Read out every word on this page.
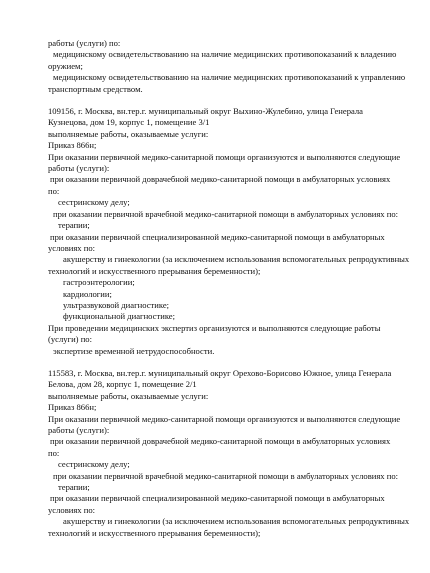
работы (услуги) по:
медицинскому освидетельствованию на наличие медицинских противопоказаний к владению
оружием;
медицинскому освидетельствованию на наличие медицинских противопоказаний к управлению
транспортным средством.
109156, г. Москва, вн.тер.г. муниципальный округ Выхино-Жулебино, улица Генерала
Кузнецова, дом 19, корпус 1, помещение 3/1
выполняемые работы, оказываемые услуги:
Приказ 866н;
При оказании первичной медико-санитарной помощи организуются и выполняются следующие
работы (услуги):
при оказании первичной доврачебной медико-санитарной помощи в амбулаторных условиях
по:
сестринскому делу;
при оказании первичной врачебной медико-санитарной помощи в амбулаторных условиях по:
терапии;
при оказании первичной специализированной медико-санитарной помощи в амбулаторных
условиях по:
акушерству и гинекологии (за исключением использования вспомогательных репродуктивных
технологий и искусственного прерывания беременности);
гастроэнтерологии;
кардиологии;
ультразвуковой диагностике;
функциональной диагностике;
При проведении медицинских экспертиз организуются и выполняются следующие работы
(услуги) по:
экспертизе временной нетрудоспособности.
115583, г. Москва, вн.тер.г. муниципальный округ Орехово-Борисово Южное, улица Генерала
Белова, дом 28, корпус 1, помещение 2/1
выполняемые работы, оказываемые услуги:
Приказ 866н;
При оказании первичной медико-санитарной помощи организуются и выполняются следующие
работы (услуги):
при оказании первичной доврачебной медико-санитарной помощи в амбулаторных условиях
по:
сестринскому делу;
при оказании первичной врачебной медико-санитарной помощи в амбулаторных условиях по:
терапии;
при оказании первичной специализированной медико-санитарной помощи в амбулаторных
условиях по:
акушерству и гинекологии (за исключением использования вспомогательных репродуктивных
технологий и искусственного прерывания беременности);
